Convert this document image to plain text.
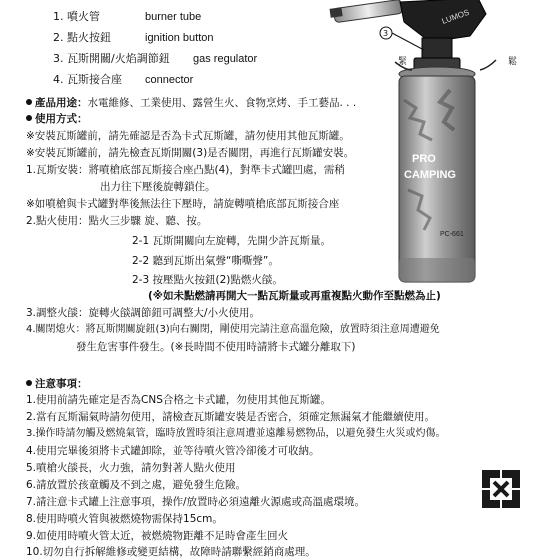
1. 噴火管	burner tube
2. 點火按鈕	ignition button
3. 瓦斯開關/火焰調節鈕 gas regulator
4. 瓦斯接合座 connector
LUMOS
3
緊	鬆
PRO
CAMPING
PC-661
產品用途：水電維修、工業使用、露營生火、食物烹烤、手工藝品. . .
使用方式：
※安裝瓦斯罐前，請先確認是否為卡式瓦斯罐，請勿使用其他瓦斯罐。
※安裝瓦斯罐前，請先檢查瓦斯開關(3)是否關閉，再進行瓦斯罐安裝。
1.瓦斯安裝：將噴槍底部瓦斯接合座凸點(4)，對準卡式罐凹處，需稍
出力往下壓後旋轉鎖住。
※如噴槍與卡式罐對準後無法往下壓時，請旋轉噴槍底部瓦斯接合座
2.點火使用：點火三步驟 旋、聽、按。
2-1 瓦斯開關向左旋轉，先開少許瓦斯量。
2-2 聽到瓦斯出氣聲“嘶嘶聲”。
2-3 按壓點火按鈕(2)點燃火燄。
(※如未點燃請再開大一點瓦斯量或再重複點火動作至點燃為止)
3.調整火燄：旋轉火燄調節鈕可調整大/小火使用。
4.關閉熄火：將瓦斯開關旋鈕(3)向右關閉，剛使用完請注意高溫危險，放置時須注意周遭避免
發生危害事件發生。(※長時間不使用時請將卡式罐分離取下)
注意事項：
1.使用前請先確定是否為CNS合格之卡式罐，勿使用其他瓦斯罐。
2.當有瓦斯漏氣時請勿使用，請檢查瓦斯罐安裝是否密合，須確定無漏氣才能繼續使用。
3.操作時請勿觸及燃燒氣管，臨時放置時須注意周遭並遠離易燃物品，以避免發生火災或灼傷。
4.使用完畢後須將卡式罐卸除，並等待噴火管冷卻後才可收納。
5.噴槍火燄長，火力強，請勿對著人點火使用
6.請放置於孩童觸及不到之處，避免發生危險。
7.請注意卡式罐上注意事項，操作/放置時必須遠離火源處或高溫處環境。
8.使用時噴火管與被燃燒物需保持15cm。
9.如使用時噴火管太近，被燃燒物距離不足時會產生回火
10.切勿自行拆解維修或變更結構，故障時請聯繫經銷商處理。
